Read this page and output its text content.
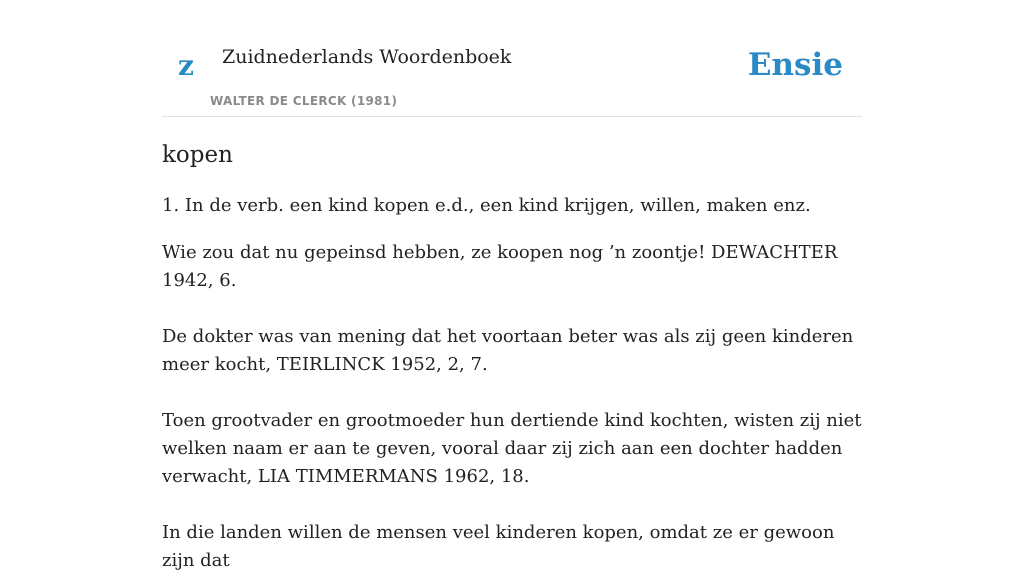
z Zuidnederlands Woordenboek
WALTER DE CLERCK (1981)
Ensie
kopen

1. In de verb. een kind kopen e.d., een kind krijgen, willen, maken enz.

Wie zou dat nu gepeinsd hebben, ze koopen nog ’n zoontje! DEWACHTER 1942, 6.

De dokter was van mening dat het voortaan beter was als zij geen kinderen meer kocht, TEIRLINCK 1952, 2, 7.

Toen grootvader en grootmoeder hun dertiende kind kochten, wisten zij niet welken naam er aan te geven, vooral daar zij zich aan een dochter hadden verwacht, LIA TIMMERMANS 1962, 18.

In die landen willen de mensen veel kinderen kopen, omdat ze er gewoon zijn dat
